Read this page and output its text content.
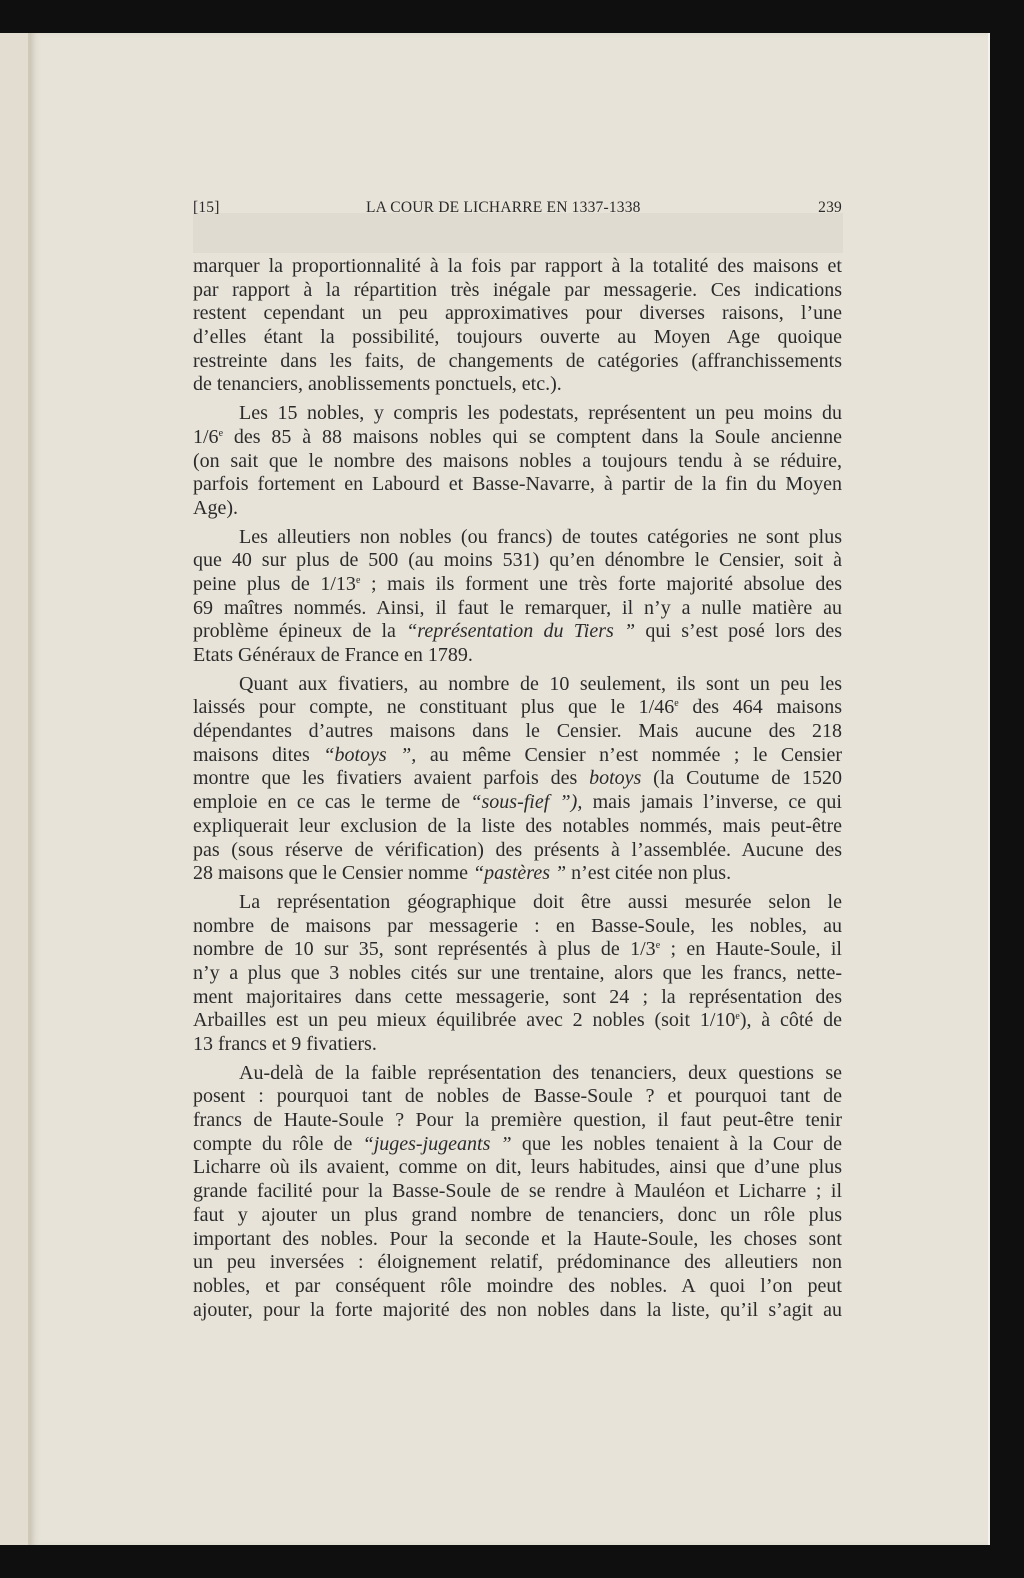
[15]	LA COUR DE LICHARRE EN 1337-1338	239
marquer la proportionnalité à la fois par rapport à la totalité des maisons et
par rapport à la répartition très inégale par messagerie. Ces indications
restent cependant un peu approximatives pour diverses raisons, l’une
d’elles étant la possibilité, toujours ouverte au Moyen Age quoique
restreinte dans les faits, de changements de catégories (affranchissements
de tenanciers, anoblissements ponctuels, etc.).
Les 15 nobles, y compris les podestats, représentent un peu moins du
1/6e des 85 à 88 maisons nobles qui se comptent dans la Soule ancienne
(on sait que le nombre des maisons nobles a toujours tendu à se réduire,
parfois fortement en Labourd et Basse-Navarre, à partir de la fin du Moyen
Age).
Les alleutiers non nobles (ou francs) de toutes catégories ne sont plus
que 40 sur plus de 500 (au moins 531) qu’en dénombre le Censier, soit à
peine plus de 1/13e ; mais ils forment une très forte majorité absolue des
69 maîtres nommés. Ainsi, il faut le remarquer, il n’y a nulle matière au
problème épineux de la “représentation du Tiers ” qui s’est posé lors des
Etats Généraux de France en 1789.
Quant aux fivatiers, au nombre de 10 seulement, ils sont un peu les
laissés pour compte, ne constituant plus que le 1/46e des 464 maisons
dépendantes d’autres maisons dans le Censier. Mais aucune des 218
maisons dites “botoys ”, au même Censier n’est nommée ; le Censier
montre que les fivatiers avaient parfois des botoys (la Coutume de 1520
emploie en ce cas le terme de “sous-fief ”), mais jamais l’inverse, ce qui
expliquerait leur exclusion de la liste des notables nommés, mais peut-être
pas (sous réserve de vérification) des présents à l’assemblée. Aucune des
28 maisons que le Censier nomme “pastères ” n’est citée non plus.
La représentation géographique doit être aussi mesurée selon le
nombre de maisons par messagerie : en Basse-Soule, les nobles, au
nombre de 10 sur 35, sont représentés à plus de 1/3e ; en Haute-Soule, il
n’y a plus que 3 nobles cités sur une trentaine, alors que les francs, nette-
ment majoritaires dans cette messagerie, sont 24 ; la représentation des
Arbailles est un peu mieux équilibrée avec 2 nobles (soit 1/10e), à côté de
13 francs et 9 fivatiers.
Au-delà de la faible représentation des tenanciers, deux questions se
posent : pourquoi tant de nobles de Basse-Soule ? et pourquoi tant de
francs de Haute-Soule ? Pour la première question, il faut peut-être tenir
compte du rôle de “juges-jugeants ” que les nobles tenaient à la Cour de
Licharre où ils avaient, comme on dit, leurs habitudes, ainsi que d’une plus
grande facilité pour la Basse-Soule de se rendre à Mauléon et Licharre ; il
faut y ajouter un plus grand nombre de tenanciers, donc un rôle plus
important des nobles. Pour la seconde et la Haute-Soule, les choses sont
un peu inversées : éloignement relatif, prédominance des alleutiers non
nobles, et par conséquent rôle moindre des nobles. A quoi l’on peut
ajouter, pour la forte majorité des non nobles dans la liste, qu’il s’agit au
